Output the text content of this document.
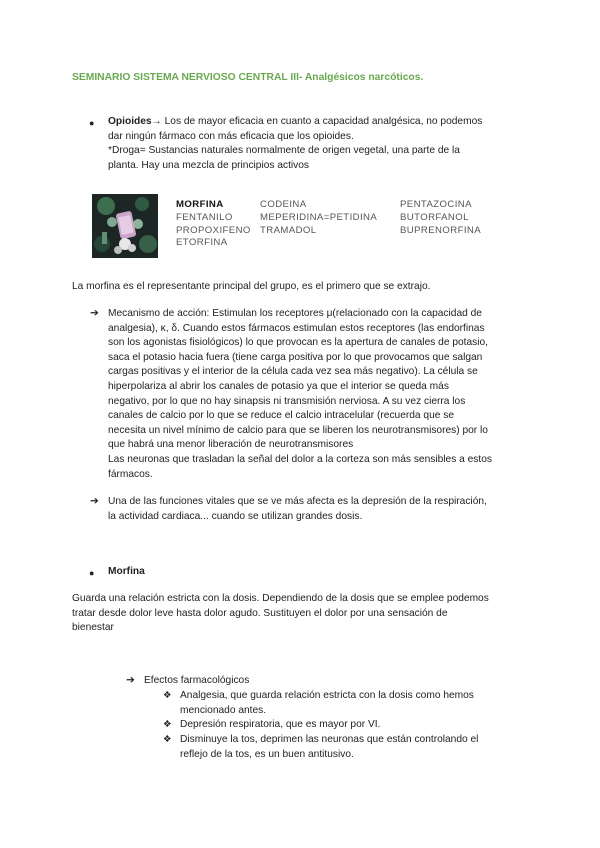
SEMINARIO SISTEMA NERVIOSO CENTRAL III- Analgésicos narcóticos.
● Opioides→ Los de mayor eficacia en cuanto a capacidad analgésica, no podemos
dar ningún fármaco con más eficacia que los opioides.
*Droga= Sustancias naturales normalmente de origen vegetal, una parte de la
planta. Hay una mezcla de principios activos
MORFINA
FENTANILO
PROPOXIFENO
ETORFINA
CODEINA
MEPERIDINA=PETIDINA
TRAMADOL
PENTAZOCINA
BUTORFANOL
BUPRENORFINA
La morfina es el representante principal del grupo, es el primero que se extrajo.
➔ Mecanismo de acción: Estimulan los receptores μ(relacionado con la capacidad de
analgesia), κ, δ. Cuando estos fármacos estimulan estos receptores (las endorfinas
son los agonistas fisiológicos) lo que provocan es la apertura de canales de potasio,
saca el potasio hacia fuera (tiene carga positiva por lo que provocamos que salgan
cargas positivas y el interior de la célula cada vez sea más negativo). La célula se
hiperpolariza al abrir los canales de potasio ya que el interior se queda más
negativo, por lo que no hay sinapsis ni transmisión nerviosa. A su vez cierra los
canales de calcio por lo que se reduce el calcio intracelular (recuerda que se
necesita un nivel mínimo de calcio para que se liberen los neurotransmisores) por lo
que habrá una menor liberación de neurotransmisores
Las neuronas que trasladan la señal del dolor a la corteza son más sensibles a estos
fármacos.
➔ Una de las funciones vitales que se ve más afecta es la depresión de la respiración,
la actividad cardiaca... cuando se utilizan grandes dosis.
● Morfina
Guarda una relación estricta con la dosis. Dependiendo de la dosis que se emplee podemos
tratar desde dolor leve hasta dolor agudo. Sustituyen el dolor por una sensación de
bienestar
➔ Efectos farmacológicos
❖ Analgesia, que guarda relación estricta con la dosis como hemos
mencionado antes.
❖ Depresión respiratoria, que es mayor por VI.
❖ Disminuye la tos, deprimen las neuronas que están controlando el
reflejo de la tos, es un buen antitusivo.
